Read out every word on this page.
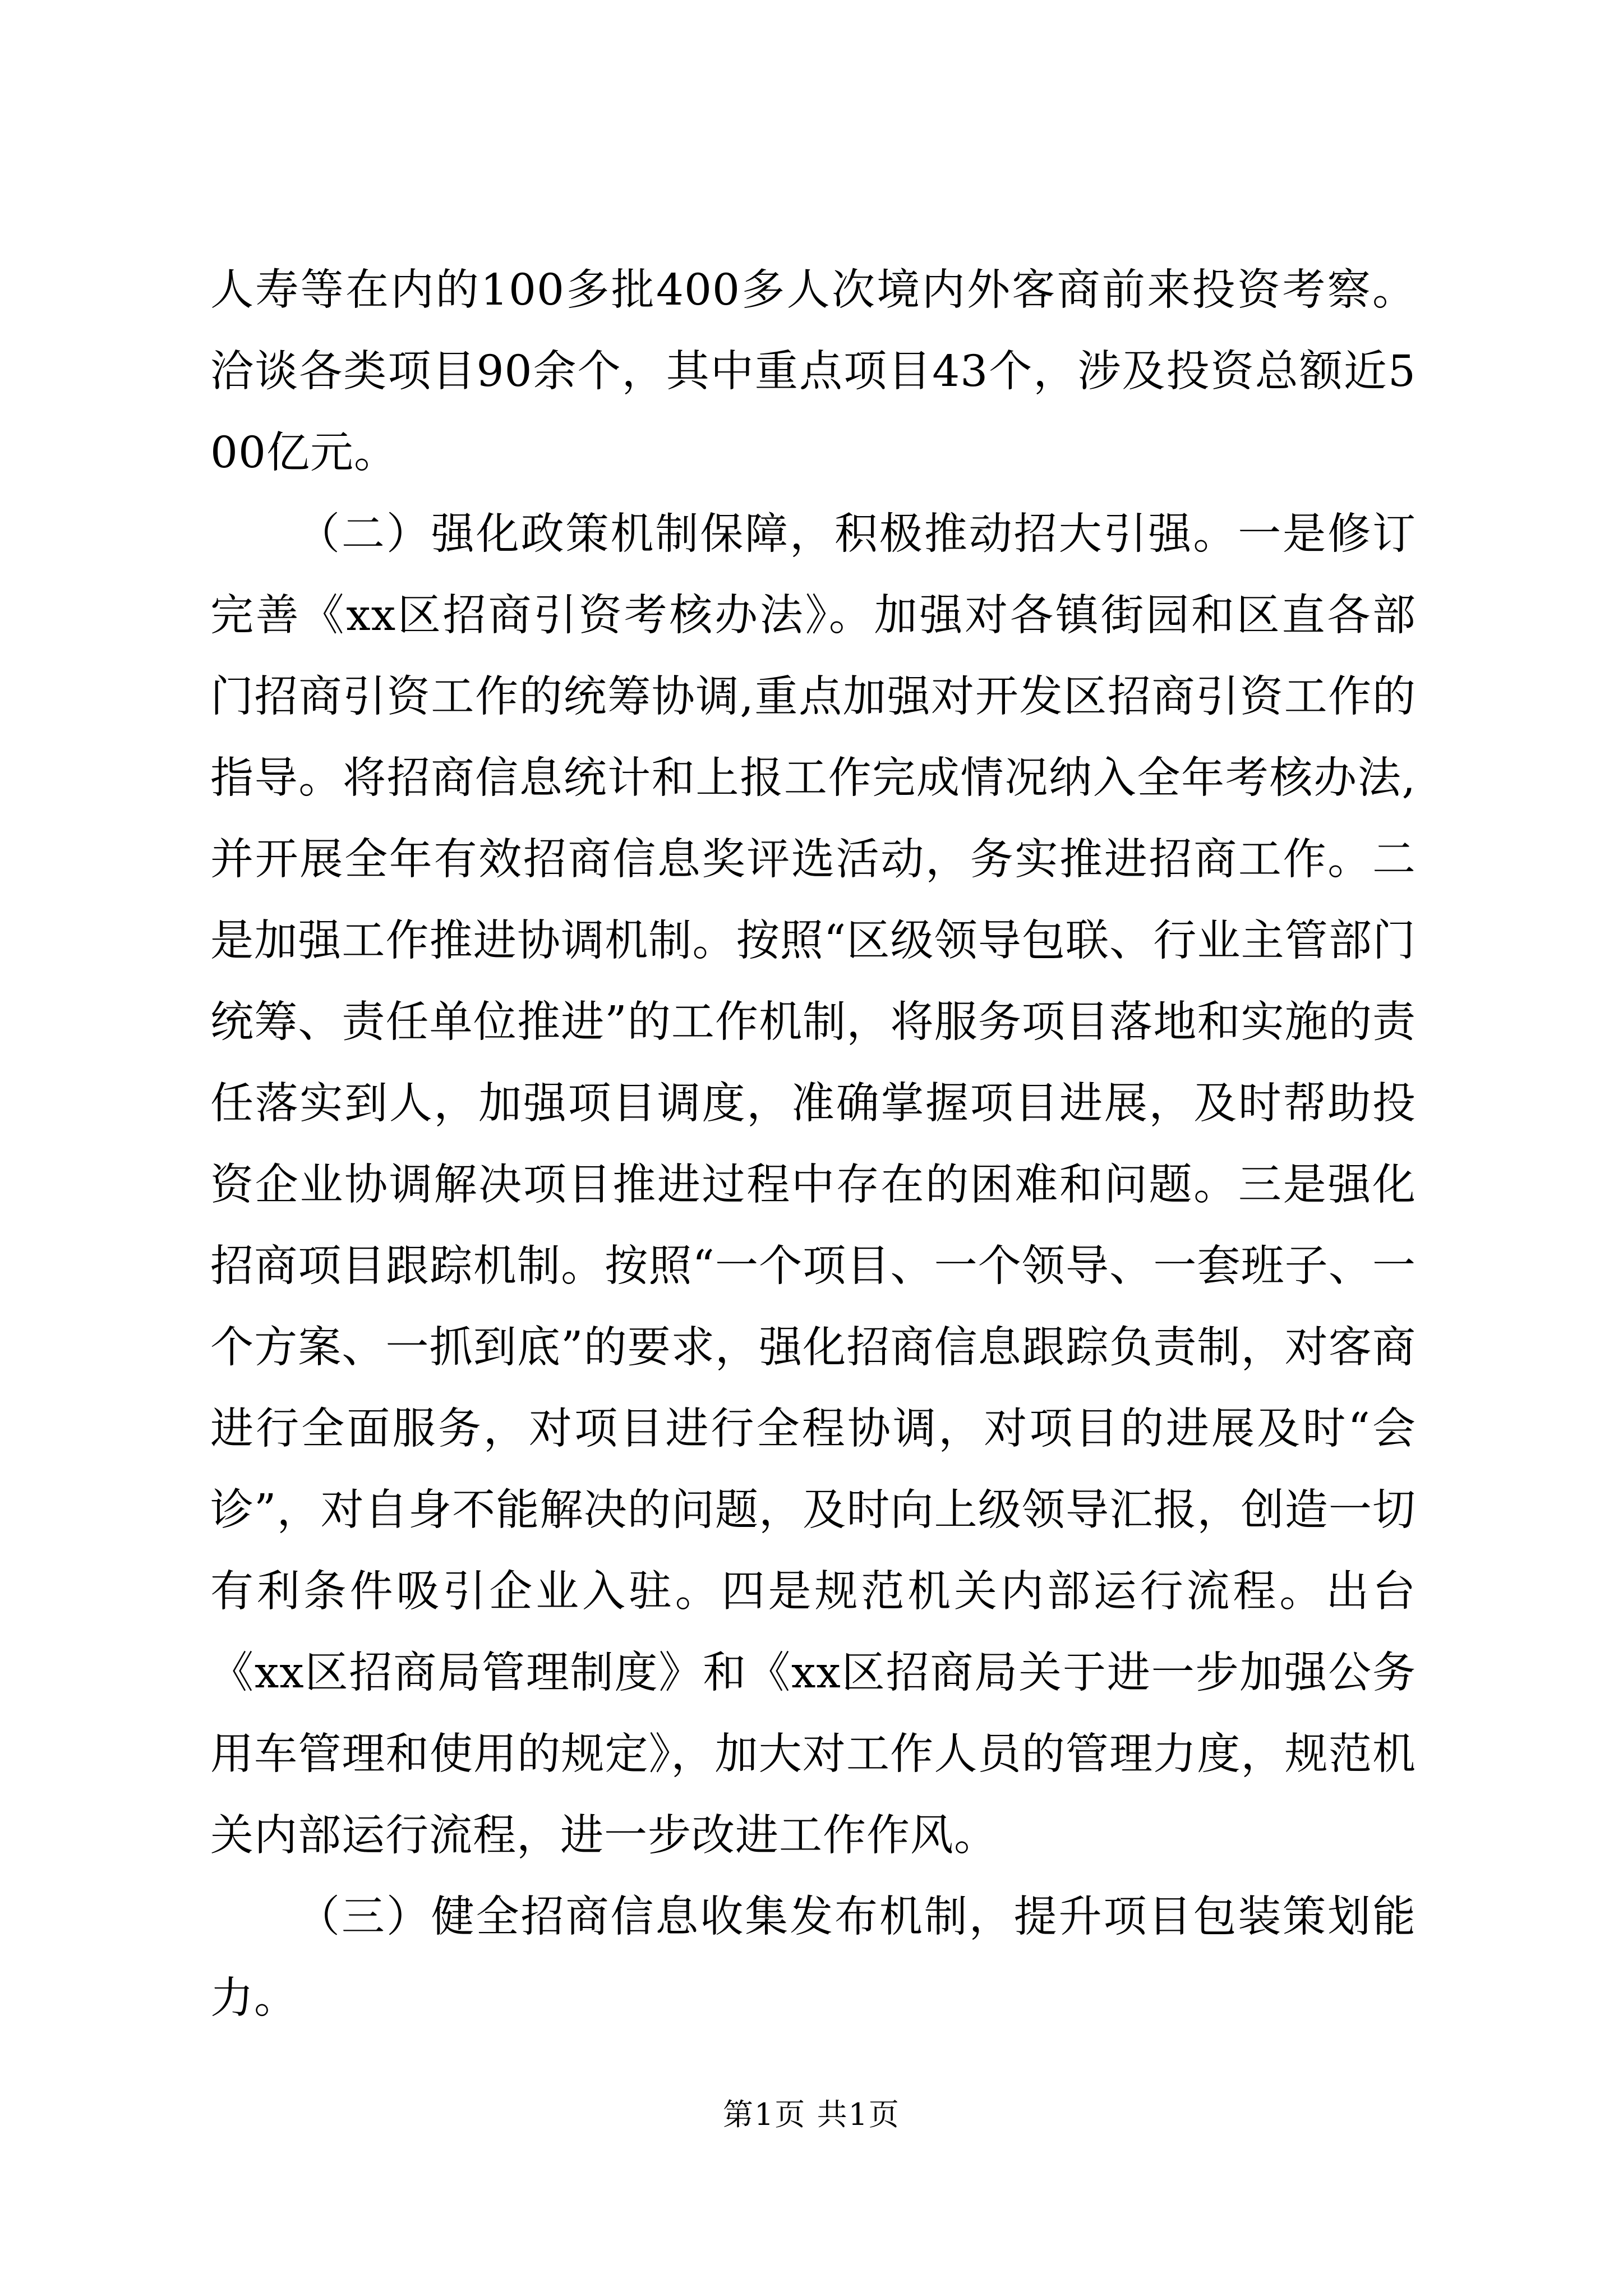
人寿等在内的100多批400多人次境内外客商前来投资考察。洽谈各类项目90余个，其中重点项目43个，涉及投资总额近500亿元。

（二）强化政策机制保障，积极推动招大引强。一是修订完善《xx区招商引资考核办法》。加强对各镇街园和区直各部门招商引资工作的统筹协调,重点加强对开发区招商引资工作的指导。将招商信息统计和上报工作完成情况纳入全年考核办法,并开展全年有效招商信息奖评选活动，务实推进招商工作。二是加强工作推进协调机制。按照“区级领导包联、行业主管部门统筹、责任单位推进”的工作机制，将服务项目落地和实施的责任落实到人，加强项目调度，准确掌握项目进展，及时帮助投资企业协调解决项目推进过程中存在的困难和问题。三是强化招商项目跟踪机制。按照“一个项目、一个领导、一套班子、一个方案、一抓到底”的要求，强化招商信息跟踪负责制，对客商进行全面服务，对项目进行全程协调，对项目的进展及时“会诊”，对自身不能解决的问题，及时向上级领导汇报，创造一切有利条件吸引企业入驻。四是规范机关内部运行流程。出台《xx区招商局管理制度》和《xx区招商局关于进一步加强公务用车管理和使用的规定》，加大对工作人员的管理力度，规范机关内部运行流程，进一步改进工作作风。

（三）健全招商信息收集发布机制，提升项目包装策划能力。

第1页 共1页
